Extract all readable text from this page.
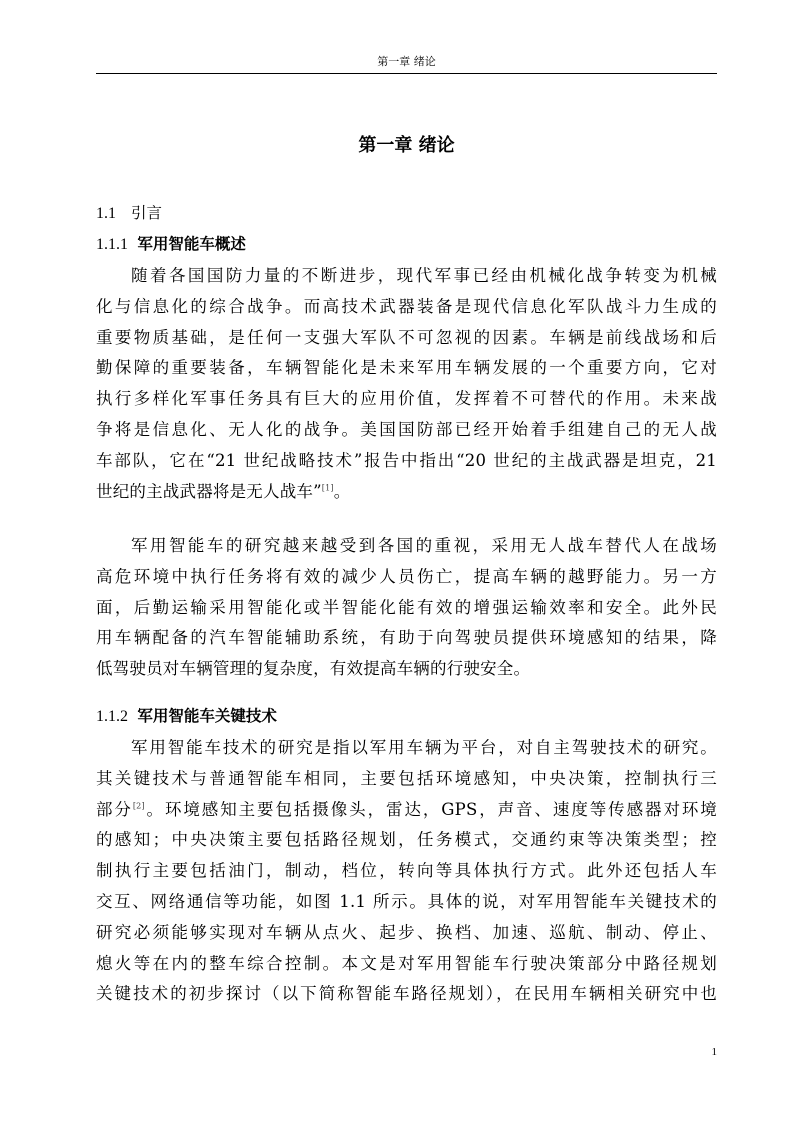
第一章 绪论
第一章 绪论
1.1 引言
1.1.1 军用智能车概述
随着各国国防力量的不断进步，现代军事已经由机械化战争转变为机械
化与信息化的综合战争。而高技术武器装备是现代信息化军队战斗力生成的
重要物质基础，是任何一支强大军队不可忽视的因素。车辆是前线战场和后
勤保障的重要装备，车辆智能化是未来军用车辆发展的一个重要方向，它对
执行多样化军事任务具有巨大的应用价值，发挥着不可替代的作用。未来战
争将是信息化、无人化的战争。美国国防部已经开始着手组建自己的无人战
车部队，它在“21 世纪战略技术”报告中指出“20 世纪的主战武器是坦克，21
世纪的主战武器将是无人战车”[1]。
军用智能车的研究越来越受到各国的重视，采用无人战车替代人在战场
高危环境中执行任务将有效的减少人员伤亡，提高车辆的越野能力。另一方
面，后勤运输采用智能化或半智能化能有效的增强运输效率和安全。此外民
用车辆配备的汽车智能辅助系统，有助于向驾驶员提供环境感知的结果，降
低驾驶员对车辆管理的复杂度，有效提高车辆的行驶安全。
1.1.2 军用智能车关键技术
军用智能车技术的研究是指以军用车辆为平台，对自主驾驶技术的研究。
其关键技术与普通智能车相同，主要包括环境感知，中央决策，控制执行三
部分[2]。环境感知主要包括摄像头，雷达，GPS，声音、速度等传感器对环境
的感知；中央决策主要包括路径规划，任务模式，交通约束等决策类型；控
制执行主要包括油门，制动，档位，转向等具体执行方式。此外还包括人车
交互、网络通信等功能，如图 1.1 所示。具体的说，对军用智能车关键技术的
研究必须能够实现对车辆从点火、起步、换档、加速、巡航、制动、停止、
熄火等在内的整车综合控制。本文是对军用智能车行驶决策部分中路径规划
关键技术的初步探讨（以下简称智能车路径规划），在民用车辆相关研究中也
1
